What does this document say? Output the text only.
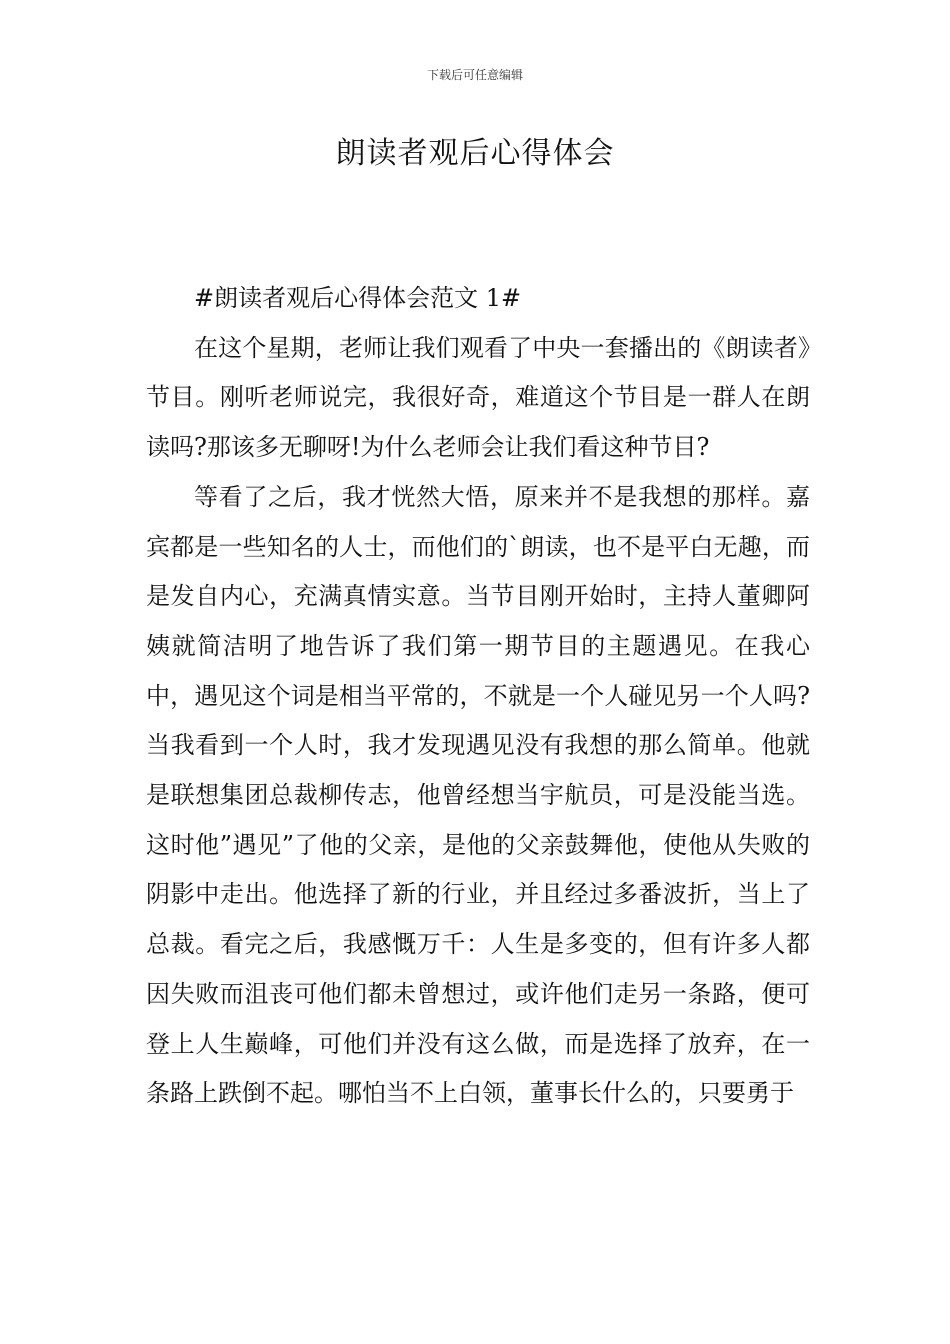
下载后可任意编辑
朗读者观后心得体会

#朗读者观后心得体会范文 1#

在这个星期，老师让我们观看了中央一套播出的《朗读者》节目。刚听老师说完，我很好奇，难道这个节目是一群人在朗读吗?那该多无聊呀!为什么老师会让我们看这种节目?

等看了之后，我才恍然大悟，原来并不是我想的那样。嘉宾都是一些知名的人士，而他们的`朗读，也不是平白无趣，而是发自内心，充满真情实意。当节目刚开始时，主持人董卿阿姨就简洁明了地告诉了我们第一期节目的主题遇见。在我心中，遇见这个词是相当平常的，不就是一个人碰见另一个人吗?当我看到一个人时，我才发现遇见没有我想的那么简单。他就是联想集团总裁柳传志，他曾经想当宇航员，可是没能当选。这时他”遇见”了他的父亲，是他的父亲鼓舞他，使他从失败的阴影中走出。他选择了新的行业，并且经过多番波折，当上了总裁。看完之后，我感慨万千：人生是多变的，但有许多人都因失败而沮丧可他们都未曾想过，或许他们走另一条路，便可登上人生巅峰，可他们并没有这么做，而是选择了放弃，在一条路上跌倒不起。哪怕当不上白领，董事长什么的，只要勇于
